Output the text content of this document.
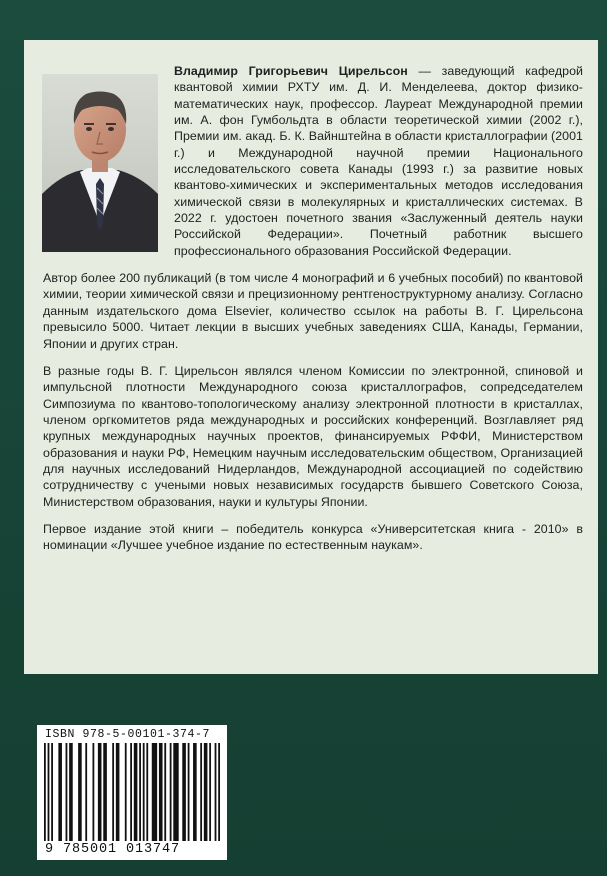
Владимир Григорьевич Цирельсон — заведующий кафедрой квантовой химии РХТУ им. Д. И. Менделеева, доктор физико-математических наук, профессор. Лауреат Международной премии им. А. фон Гумбольдта в области теоретической химии (2002 г.), Премии им. акад. Б. К. Вайнштейна в области кристаллографии (2001 г.) и Международной научной премии Национального исследовательского совета Канады (1993 г.) за развитие новых квантово-химических и экспериментальных методов исследования химической связи в молекулярных и кристаллических системах. В 2022 г. удостоен почетного звания «Заслуженный деятель науки Российской Федерации». Почетный работник высшего профессионального образования Российской Федерации.

Автор более 200 публикаций (в том числе 4 монографий и 6 учебных пособий) по квантовой химии, теории химической связи и прецизионному рентгеноструктурному анализу. Согласно данным издательского дома Elsevier, количество ссылок на работы В. Г. Цирельсона превысило 5000. Читает лекции в высших учебных заведениях США, Канады, Германии, Японии и других стран.

В разные годы В. Г. Цирельсон являлся членом Комиссии по электронной, спиновой и импульсной плотности Международного союза кристаллографов, сопредседателем Симпозиума по квантово-топологическому анализу электронной плотности в кристаллах, членом оргкомитетов ряда международных и российских конференций. Возглавляет ряд крупных международных научных проектов, финансируемых РФФИ, Министерством образования и науки РФ, Немецким научным исследовательским обществом, Организацией для научных исследований Нидерландов, Международной ассоциацией по содействию сотрудничеству с учеными новых независимых государств бывшего Советского Союза, Министерством образования, науки и культуры Японии.

Первое издание этой книги – победитель конкурса «Университетская книга - 2010» в номинации «Лучшее учебное издание по естественным наукам».

ISBN 978-5-00101-374-7
9 785001 013747
